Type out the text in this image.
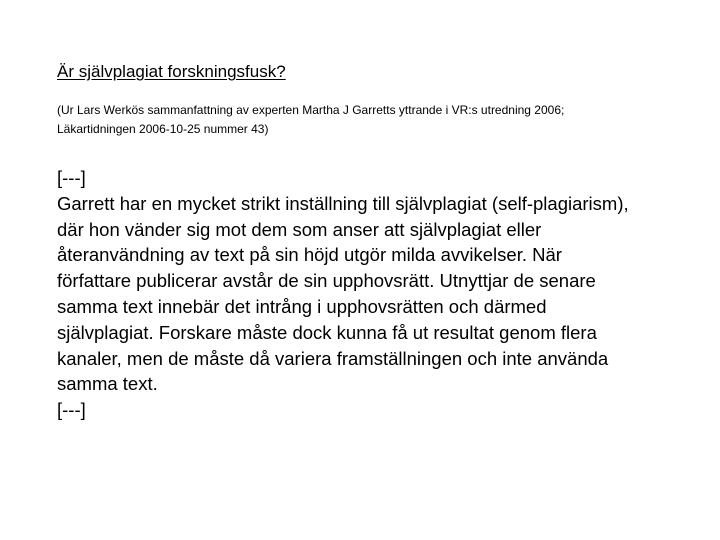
Är självplagiat forskningsfusk?
(Ur Lars Werkös sammanfattning av experten Martha J Garretts yttrande i VR:s utredning 2006;
Läkartidningen 2006-10-25 nummer 43)
[---]
Garrett har en mycket strikt inställning till självplagiat (self-plagiarism),
där hon vänder sig mot dem som anser att självplagiat eller
återanvändning av text på sin höjd utgör milda avvikelser. När
författare publicerar avstår de sin upphovsrätt. Utnyttjar de senare
samma text innebär det intrång i upphovsrätten och därmed
självplagiat. Forskare måste dock kunna få ut resultat genom flera
kanaler, men de måste då variera framställningen och inte använda
samma text.
[---]
